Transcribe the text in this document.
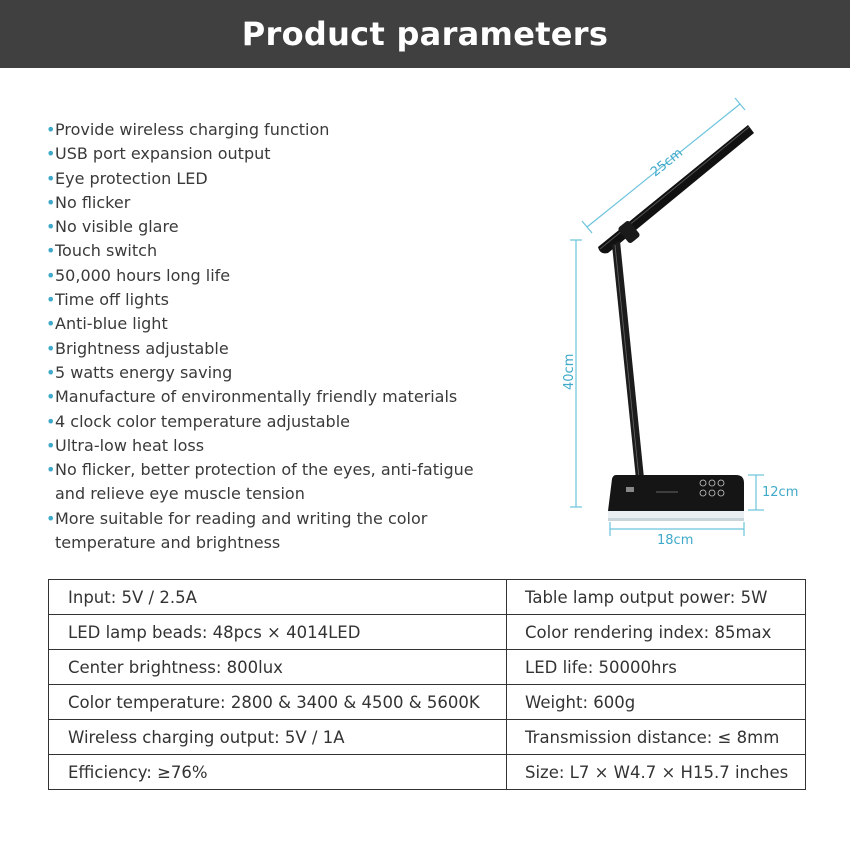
Product parameters
• Provide wireless charging function
• USB port expansion output
• Eye protection LED
• No flicker
• No visible glare
• Touch switch
• 50,000 hours long life
• Time off lights
• Anti-blue light
• Brightness adjustable
• 5 watts energy saving
• Manufacture of environmentally friendly materials
• 4 clock color temperature adjustable
• Ultra-low heat loss
• No flicker, better protection of the eyes, anti-fatigue
and relieve eye muscle tension
• More suitable for reading and writing the color
temperature and brightness
25cm
40cm
12cm
18cm
Input: 5V / 2.5A	Table lamp output power: 5W
LED lamp beads: 48pcs × 4014LED	Color rendering index: 85max
Center brightness: 800lux	LED life: 50000hrs
Color temperature: 2800 & 3400 & 4500 & 5600K	Weight: 600g
Wireless charging output: 5V / 1A	Transmission distance: ≤ 8mm
Efficiency: ≥76%	Size: L7 × W4.7 × H15.7 inches
